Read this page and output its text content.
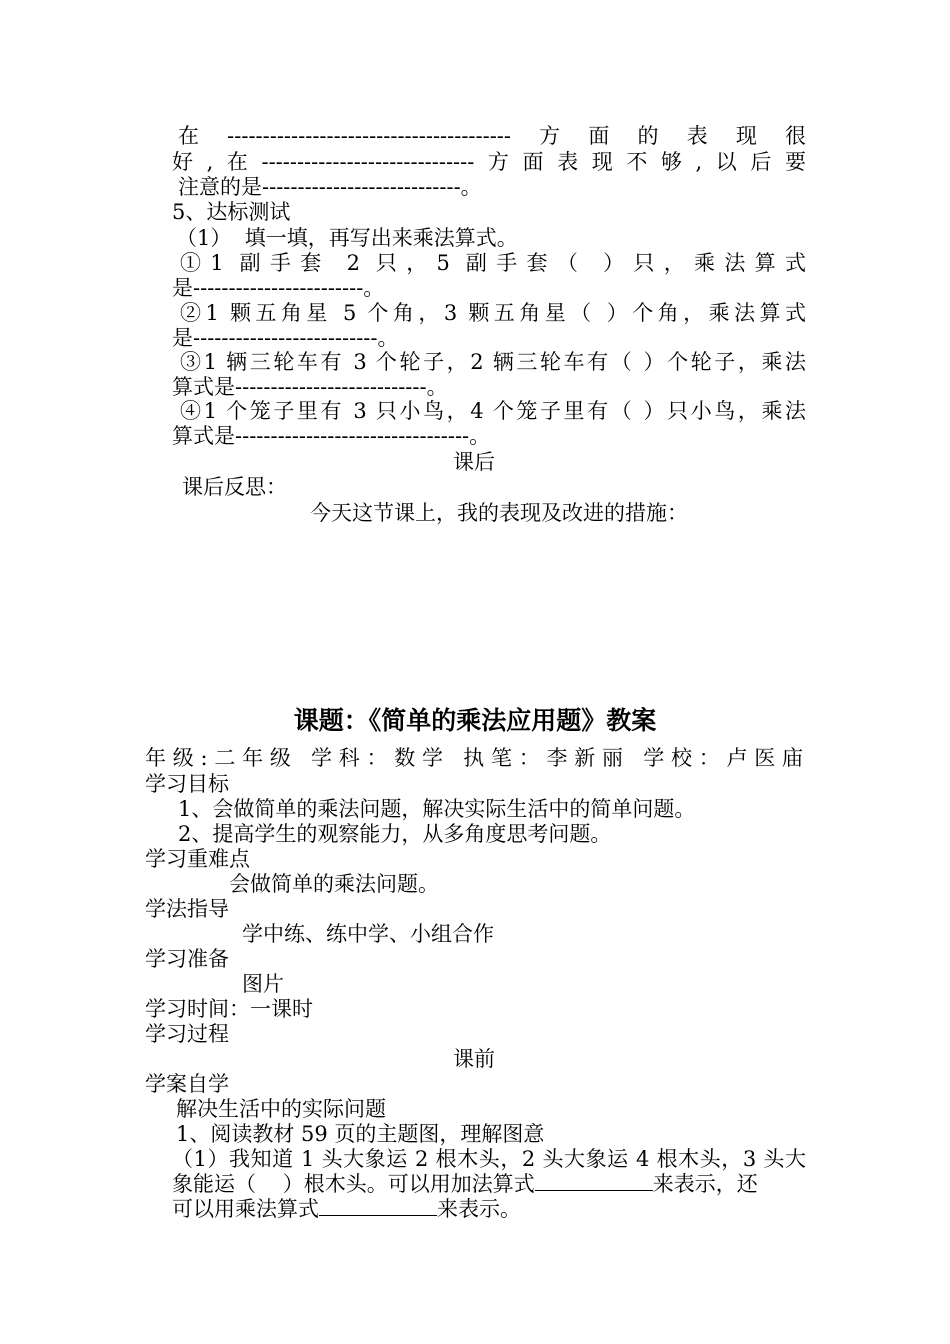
在----------------------------------------方面的表现很
好,在------------------------------方面表现不够,以后要
注意的是----------------------------。
5、达标测试
（1）  填一填，再写出来乘法算式。
①1 副手套 2 只，5 副手套（ ）只，乘法算式
是------------------------。
②1 颗五角星 5 个角，3 颗五角星（ ）个角，乘法算式
是--------------------------。
③1 辆三轮车有 3 个轮子，2 辆三轮车有（ ）个轮子，乘法
算式是---------------------------。
④1 个笼子里有 3 只小鸟，4 个笼子里有（ ）只小鸟，乘法
算式是---------------------------------。
课后
课后反思：
今天这节课上，我的表现及改进的措施：
课题：《简单的乘法应用题》教案
年级:二年级 学科：数学 执笔：李新丽 学校：卢医庙
学习目标
1、会做简单的乘法问题，解决实际生活中的简单问题。
2、提高学生的观察能力，从多角度思考问题。
学习重难点
会做简单的乘法问题。
学法指导
学中练、练中学、小组合作
学习准备
图片
学习时间：一课时
学习过程
课前
学案自学
解决生活中的实际问题
1、阅读教材 59 页的主题图，理解图意
（1）我知道 1 头大象运 2 根木头，2 头大象运 4 根木头，3 头大
象能运（    ）根木头。可以用加法算式	来表示，还
可以用乘法算式	来表示。
